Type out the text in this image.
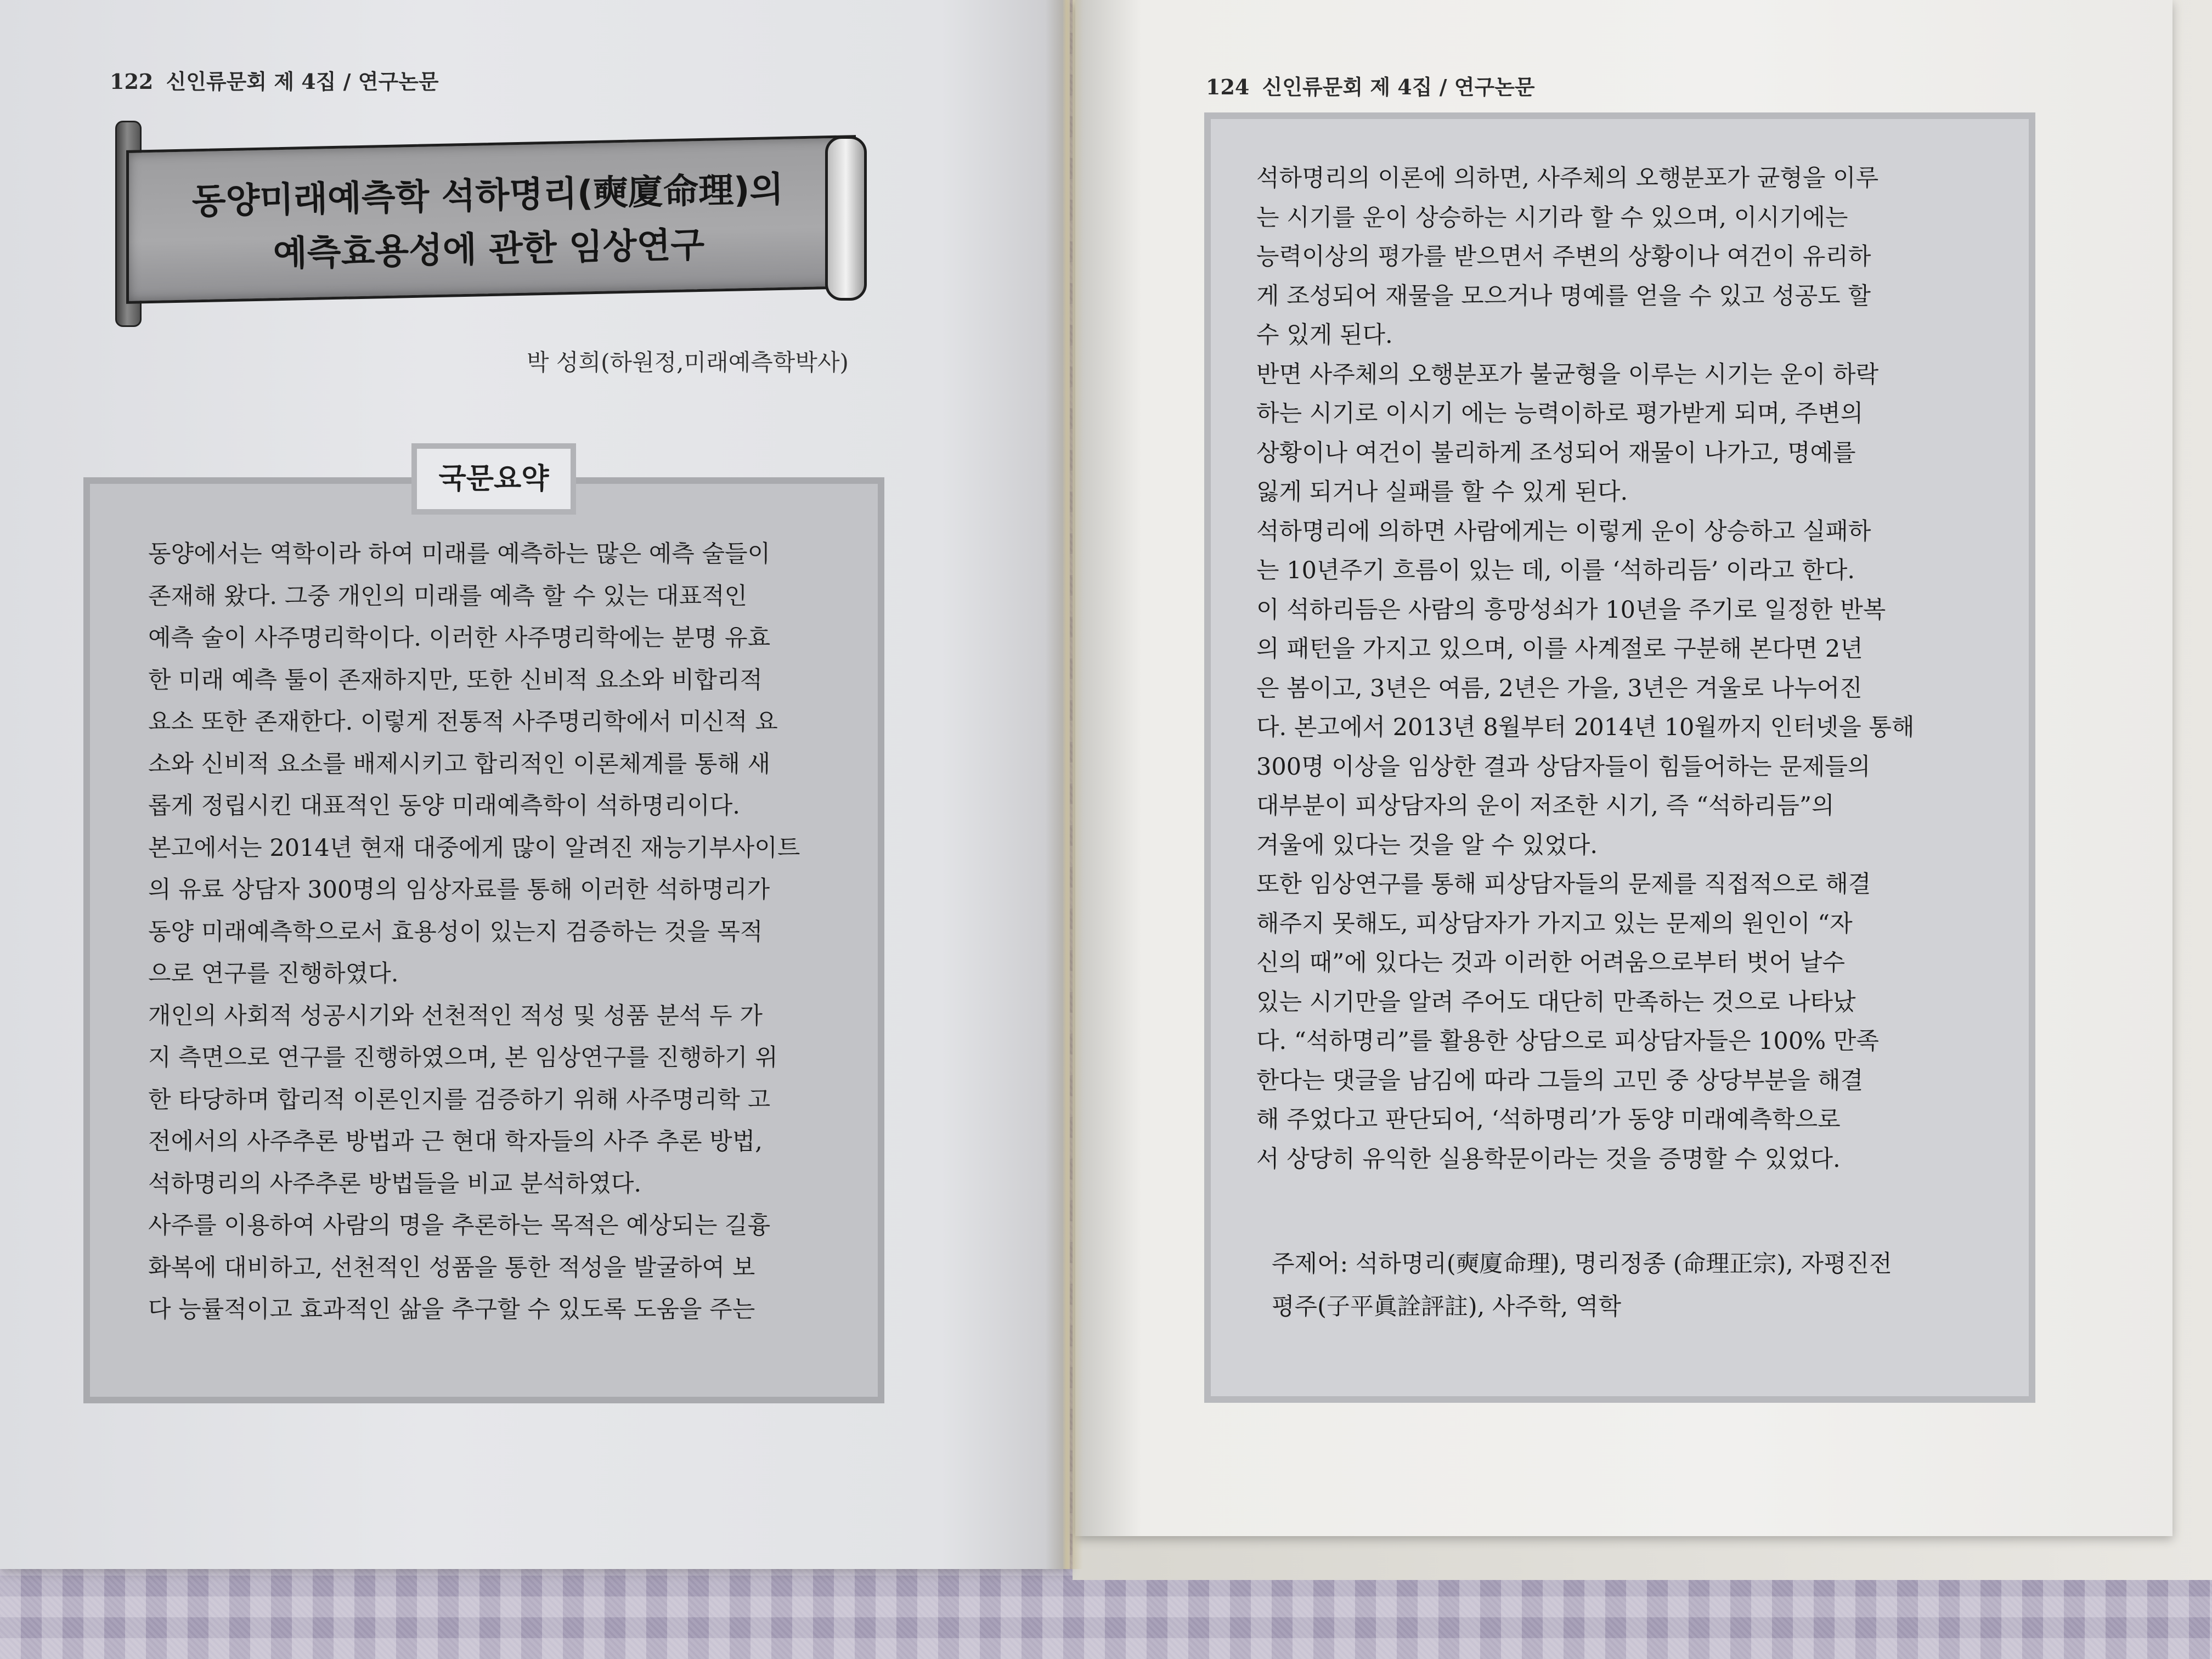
122 신인류문회 제 4집 / 연구논문
동양미래예측학 석하명리(奭廈命理)의
예측효용성에 관한 임상연구
박 성희(하원정,미래예측학박사)
국문요약
동양에서는 역학이라 하여 미래를 예측하는 많은 예측 술들이
존재해 왔다. 그중 개인의 미래를 예측 할 수 있는 대표적인
예측 술이 사주명리학이다. 이러한 사주명리학에는 분명 유효
한 미래 예측 툴이 존재하지만, 또한 신비적 요소와 비합리적
요소 또한 존재한다. 이렇게 전통적 사주명리학에서 미신적 요
소와 신비적 요소를 배제시키고 합리적인 이론체계를 통해 새
롭게 정립시킨 대표적인 동양 미래예측학이 석하명리이다.
본고에서는 2014년 현재 대중에게 많이 알려진 재능기부사이트
의 유료 상담자 300명의 임상자료를 통해 이러한 석하명리가
동양 미래예측학으로서 효용성이 있는지 검증하는 것을 목적
으로 연구를 진행하였다.
개인의 사회적 성공시기와 선천적인 적성 및 성품 분석 두 가
지 측면으로 연구를 진행하였으며, 본 임상연구를 진행하기 위
한 타당하며 합리적 이론인지를 검증하기 위해 사주명리학 고
전에서의 사주추론 방법과 근 현대 학자들의 사주 추론 방법,
석하명리의 사주추론 방법들을 비교 분석하였다.
사주를 이용하여 사람의 명을 추론하는 목적은 예상되는 길흉
화복에 대비하고, 선천적인 성품을 통한 적성을 발굴하여 보
다 능률적이고 효과적인 삶을 추구할 수 있도록 도움을 주는
124 신인류문회 제 4집 / 연구논문
석하명리의 이론에 의하면, 사주체의 오행분포가 균형을 이루
는 시기를 운이 상승하는 시기라 할 수 있으며, 이시기에는
능력이상의 평가를 받으면서 주변의 상황이나 여건이 유리하
게 조성되어 재물을 모으거나 명예를 얻을 수 있고 성공도 할
수 있게 된다.
반면 사주체의 오행분포가 불균형을 이루는 시기는 운이 하락
하는 시기로 이시기 에는 능력이하로 평가받게 되며, 주변의
상황이나 여건이 불리하게 조성되어 재물이 나가고, 명예를
잃게 되거나 실패를 할 수 있게 된다.
석하명리에 의하면 사람에게는 이렇게 운이 상승하고 실패하
는 10년주기 흐름이 있는 데, 이를 ‘석하리듬’ 이라고 한다.
이 석하리듬은 사람의 흥망성쇠가 10년을 주기로 일정한 반복
의 패턴을 가지고 있으며, 이를 사계절로 구분해 본다면 2년
은 봄이고, 3년은 여름, 2년은 가을, 3년은 겨울로 나누어진
다. 본고에서 2013년 8월부터 2014년 10월까지 인터넷을 통해
300명 이상을 임상한 결과 상담자들이 힘들어하는 문제들의
대부분이 피상담자의 운이 저조한 시기, 즉 “석하리듬”의
겨울에 있다는 것을 알 수 있었다.
또한 임상연구를 통해 피상담자들의 문제를 직접적으로 해결
해주지 못해도, 피상담자가 가지고 있는 문제의 원인이 “자
신의 때”에 있다는 것과 이러한 어려움으로부터 벗어 날수
있는 시기만을 알려 주어도 대단히 만족하는 것으로 나타났
다. “석하명리”를 활용한 상담으로 피상담자들은 100% 만족
한다는 댓글을 남김에 따라 그들의 고민 중 상당부분을 해결
해 주었다고 판단되어, ‘석하명리’가 동양 미래예측학으로
서 상당히 유익한 실용학문이라는 것을 증명할 수 있었다.
주제어: 석하명리(奭廈命理), 명리정종 (命理正宗), 자평진전
평주(子平眞詮評註), 사주학, 역학
